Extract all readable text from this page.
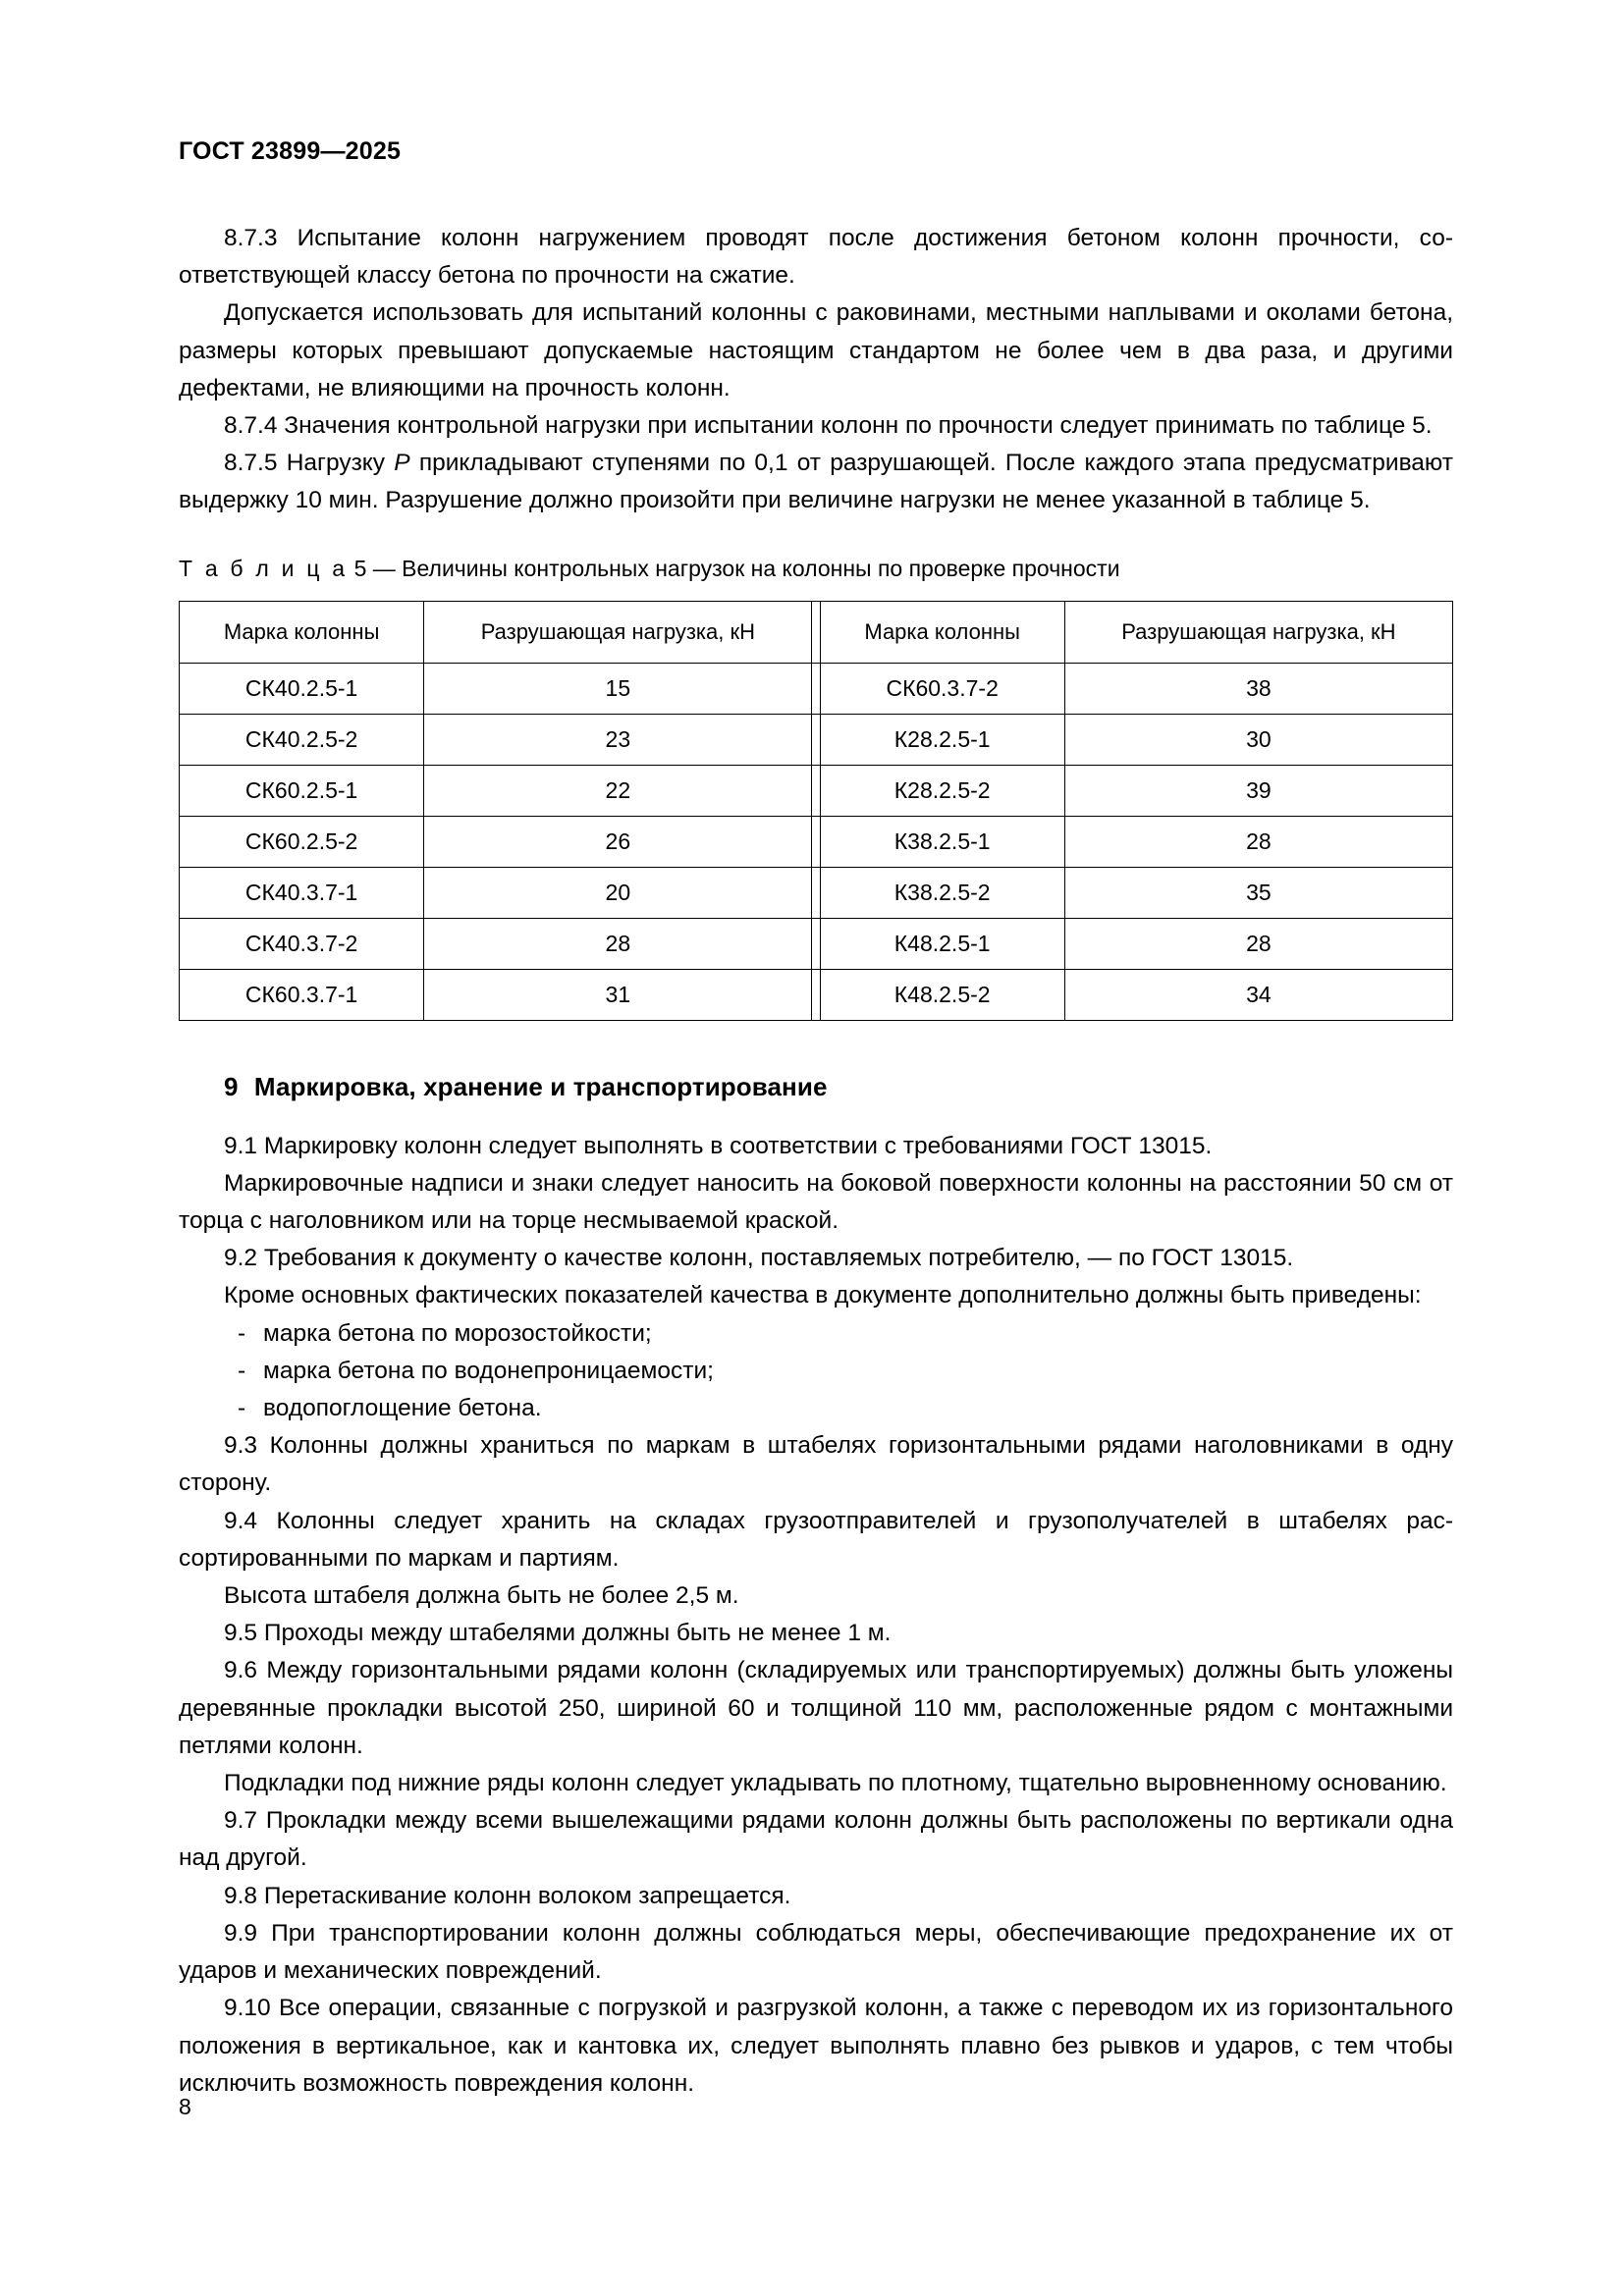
ГОСТ 23899—2025

8.7.3 Испытание колонн нагружением проводят после достижения бетоном колонн прочности, соответствующей классу бетона по прочности на сжатие.

Допускается использовать для испытаний колонны с раковинами, местными наплывами и околами бетона, размеры которых превышают допускаемые настоящим стандартом не более чем в два раза, и другими дефектами, не влияющими на прочность колонн.

8.7.4 Значения контрольной нагрузки при испытании колонн по прочности следует принимать по таблице 5.

8.7.5 Нагрузку P прикладывают ступенями по 0,1 от разрушающей. После каждого этапа предусматривают выдержку 10 мин. Разрушение должно произойти при величине нагрузки не менее указанной в таблице 5.

Т а б л и ц а 5 — Величины контрольных нагрузок на колонны по проверке прочности
Марка колонны	Разрушающая нагрузка, кН		Марка колонны	Разрушающая нагрузка, кН
СК40.2.5-1	15		СК60.3.7-2	38
СК40.2.5-2	23		К28.2.5-1	30
СК60.2.5-1	22		К28.2.5-2	39
СК60.2.5-2	26		К38.2.5-1	28
СК40.3.7-1	20		К38.2.5-2	35
СК40.3.7-2	28		К48.2.5-1	28
СК60.3.7-1	31		К48.2.5-2	34
9 Маркировка, хранение и транспортирование

9.1 Маркировку колонн следует выполнять в соответствии с требованиями ГОСТ 13015.

Маркировочные надписи и знаки следует наносить на боковой поверхности колонны на расстоянии 50 см от торца с наголовником или на торце несмываемой краской.

9.2 Требования к документу о качестве колонн, поставляемых потребителю, — по ГОСТ 13015.

Кроме основных фактических показателей качества в документе дополнительно должны быть приведены:

- марка бетона по морозостойкости;
- марка бетона по водонепроницаемости;
- водопоглощение бетона.

9.3 Колонны должны храниться по маркам в штабелях горизонтальными рядами наголовниками в одну сторону.

9.4 Колонны следует хранить на складах грузоотправителей и грузополучателей в штабелях рассортированными по маркам и партиям.

Высота штабеля должна быть не более 2,5 м.

9.5 Проходы между штабелями должны быть не менее 1 м.

9.6 Между горизонтальными рядами колонн (складируемых или транспортируемых) должны быть уложены деревянные прокладки высотой 250, шириной 60 и толщиной 110 мм, расположенные рядом с монтажными петлями колонн.

Подкладки под нижние ряды колонн следует укладывать по плотному, тщательно выровненному основанию.

9.7 Прокладки между всеми вышележащими рядами колонн должны быть расположены по вертикали одна над другой.

9.8 Перетаскивание колонн волоком запрещается.

9.9 При транспортировании колонн должны соблюдаться меры, обеспечивающие предохранение их от ударов и механических повреждений.

9.10 Все операции, связанные с погрузкой и разгрузкой колонн, а также с переводом их из горизонтального положения в вертикальное, как и кантовка их, следует выполнять плавно без рывков и ударов, с тем чтобы исключить возможность повреждения колонн.

8
